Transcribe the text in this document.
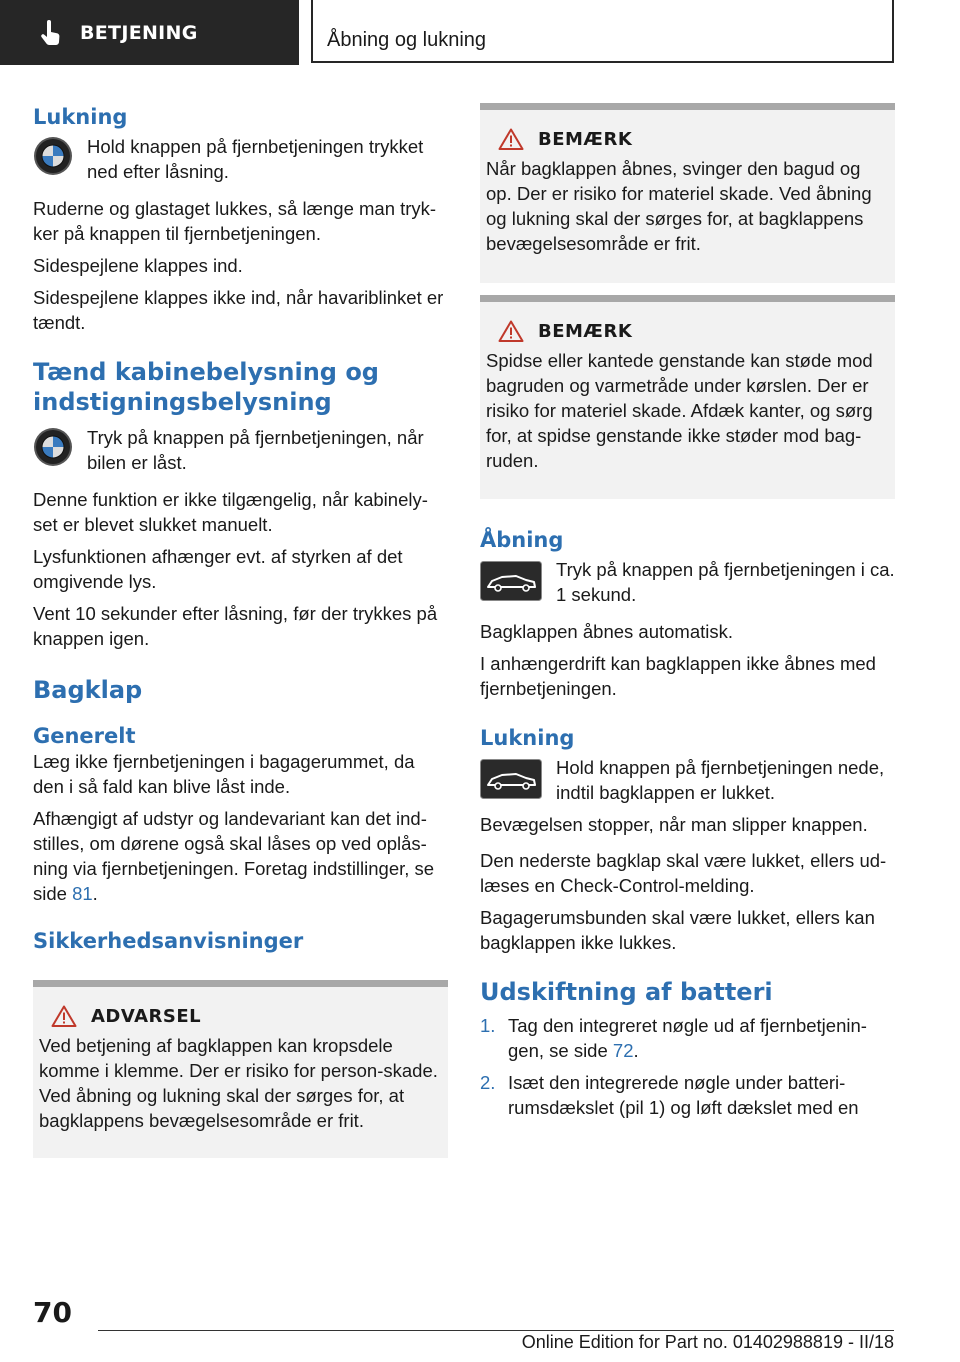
BETJENING	Åbning og lukning
Lukning
Hold knappen på fjernbetjeningen trykket ned efter låsning.

Ruderne og glastaget lukkes, så længe man tryk‐ker på knappen til fjernbetjeningen.

Sidespejlene klappes ind.

Sidespejlene klappes ikke ind, når havariblinket er tændt.

Tænd kabinebelysning og indstigningsbelysning
Tryk på knappen på fjernbetjeningen, når bilen er låst.

Denne funktion er ikke tilgængelig, når kabinely‐set er blevet slukket manuelt.

Lysfunktionen afhænger evt. af styrken af det omgivende lys.

Vent 10 sekunder efter låsning, før der trykkes på knappen igen.

Bagklap
Generelt

Læg ikke fjernbetjeningen i bagagerummet, da den i så fald kan blive låst inde.

Afhængigt af udstyr og landevariant kan det ind‐stilles, om dørene også skal låses op ved oplås‐ning via fjernbetjeningen. Foretag indstillinger, se side 81.

Sikkerhedsanvisninger
ADVARSEL
Ved betjening af bagklappen kan kropsdele komme i klemme. Der er risiko for person‐skade. Ved åbning og lukning skal der sørges for, at bagklappens bevægelsesområde er frit.
BEMÆRK
Når bagklappen åbnes, svinger den bagud og op. Der er risiko for materiel skade. Ved åbning og lukning skal der sørges for, at bagklappens bevægelsesområde er frit.
BEMÆRK
Spidse eller kantede genstande kan støde mod bagruden og varmetråde under kørslen. Der er risiko for materiel skade. Afdæk kanter, og sørg for, at spidse genstande ikke støder mod bag‐ruden.
Åbning
Tryk på knappen på fjernbetjeningen i ca. 1 sekund.

Bagklappen åbnes automatisk.

I anhængerdrift kan bagklappen ikke åbnes med fjernbetjeningen.

Lukning
Hold knappen på fjernbetjeningen nede, indtil bagklappen er lukket.

Bevægelsen stopper, når man slipper knappen.

Den nederste bagklap skal være lukket, ellers ud‐læses en Check-Control-melding.

Bagagerumsbunden skal være lukket, ellers kan bagklappen ikke lukkes.

Udskiftning af batteri
1. Tag den integreret nøgle ud af fjernbetjenin‐gen, se side 72.
2. Isæt den integrerede nøgle under batteri‐rumsdækslet (pil 1) og løft dækslet med en
70
Online Edition for Part no. 01402988819 - II/18
